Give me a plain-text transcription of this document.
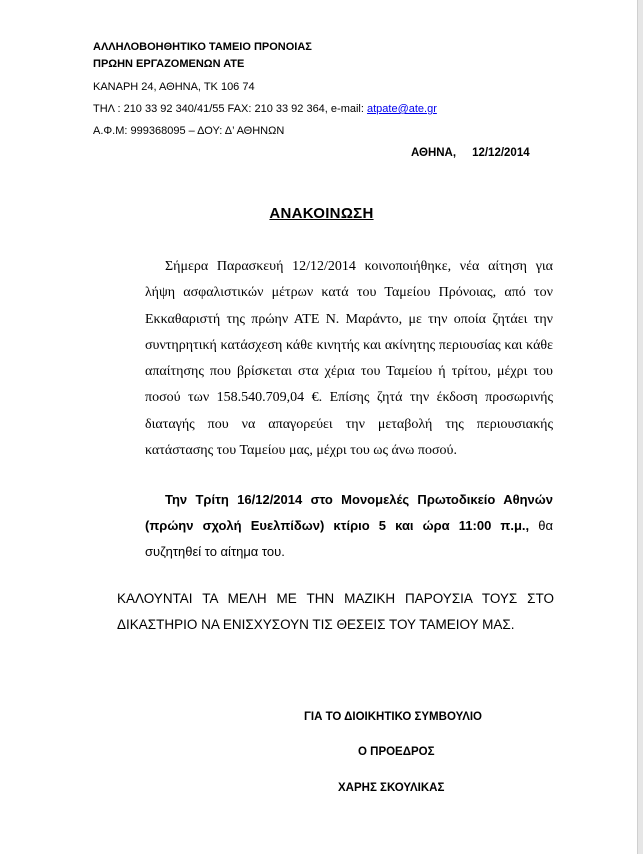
ΑΛΛΗΛΟΒΟΗΘΗΤΙΚΟ ΤΑΜΕΙΟ ΠΡΟΝΟΙΑΣ

ΠΡΩΗΝ ΕΡΓΑΖΟΜΕΝΩΝ ΑΤΕ

ΚΑΝΑΡΗ 24, ΑΘΗΝΑ, ΤΚ 106 74

ΤΗΛ : 210 33 92 340/41/55 FAX: 210 33 92 364, e-mail: atpate@ate.gr

Α.Φ.Μ: 999368095 – ΔΟΥ: Δ’ ΑΘΗΝΩΝ

ΑΘΗΝΑ, 12/12/2014
ΑΝΑΚΟΙΝΩΣΗ

Σήμερα Παρασκευή 12/12/2014 κοινοποιήθηκε, νέα αίτηση για λήψη ασφαλιστικών μέτρων κατά του Ταμείου Πρόνοιας, από τον Εκκαθαριστή της πρώην ΑΤΕ Ν. Μαράντο, με την οποία ζητάει την συντηρητική κατάσχεση κάθε κινητής και ακίνητης περιουσίας και κάθε απαίτησης που βρίσκεται στα χέρια του Ταμείου ή τρίτου, μέχρι του ποσού των 158.540.709,04 €. Επίσης ζητά την έκδοση προσωρινής διαταγής που να απαγορεύει την μεταβολή της περιουσιακής κατάστασης του Ταμείου μας, μέχρι του ως άνω ποσού.

Την Τρίτη 16/12/2014 στο Μονομελές Πρωτοδικείο Αθηνών (πρώην σχολή Ευελπίδων) κτίριο 5 και ώρα 11:00 π.μ., θα συζητηθεί το αίτημα του.

ΚΑΛΟΥΝΤΑΙ ΤΑ ΜΕΛΗ ΜΕ ΤΗΝ ΜΑΖΙΚΗ ΠΑΡΟΥΣΙΑ ΤΟΥΣ ΣΤΟ ΔΙΚΑΣΤΗΡΙΟ ΝΑ ΕΝΙΣΧΥΣΟΥΝ ΤΙΣ ΘΕΣΕΙΣ ΤΟΥ ΤΑΜΕΙΟΥ ΜΑΣ.

ΓΙΑ ΤΟ ΔΙΟΙΚΗΤΙΚΟ ΣΥΜΒΟΥΛΙΟ
Ο ΠΡΟΕΔΡΟΣ
ΧΑΡΗΣ ΣΚΟΥΛΙΚΑΣ
